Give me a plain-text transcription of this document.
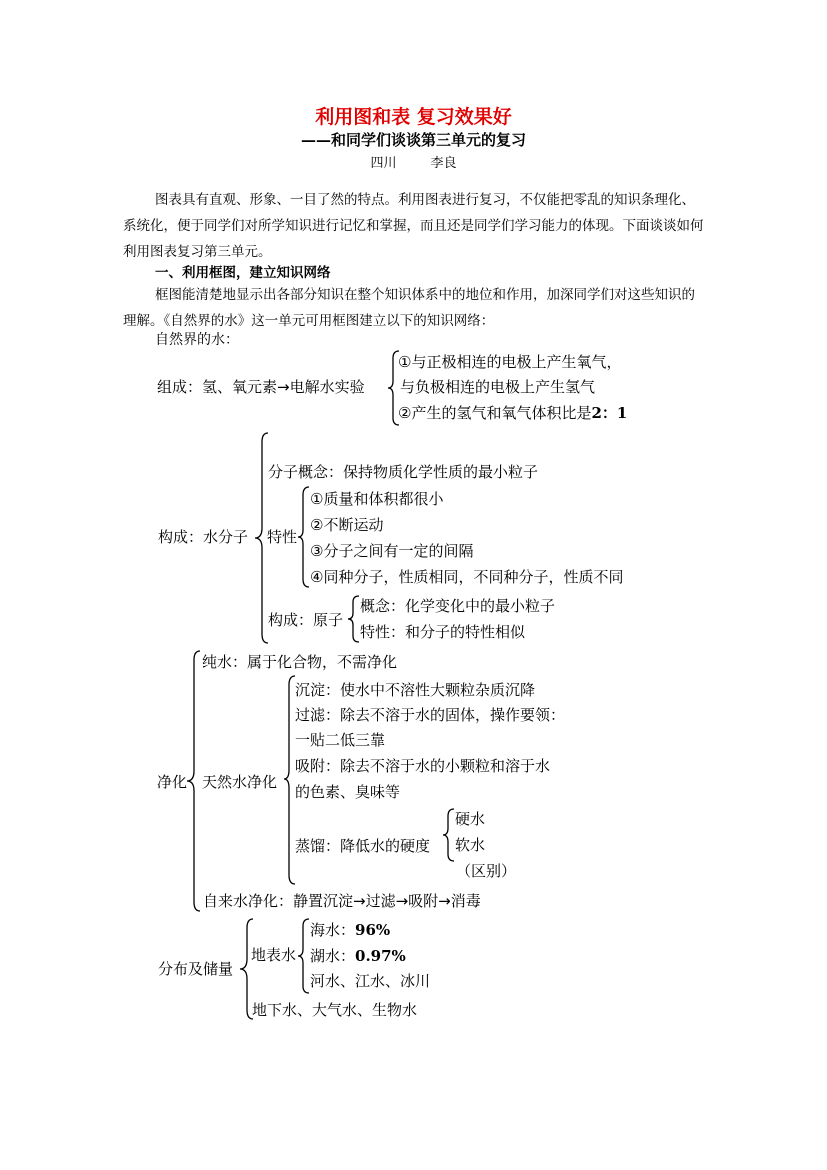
利用图和表 复习效果好
——和同学们谈谈第三单元的复习
四川	李良
图表具有直观、形象、一目了然的特点。利用图表进行复习，不仅能把零乱的知识条理化、系统化，便于同学们对所学知识进行记忆和掌握，而且还是同学们学习能力的体现。下面谈谈如何利用图表复习第三单元。
一、利用框图，建立知识网络
框图能清楚地显示出各部分知识在整个知识体系中的地位和作用，加深同学们对这些知识的理解。《自然界的水》这一单元可用框图建立以下的知识网络：
自然界的水：
组成：氢、氧元素→电解水实验
①与正极相连的电极上产生氧气，
与负极相连的电极上产生氢气
②产生的氢气和氧气体积比是2：1
构成：水分子
分子概念：保持物质化学性质的最小粒子
特性
①质量和体积都很小
②不断运动
③分子之间有一定的间隔
④同种分子，性质相同，不同种分子，性质不同
构成：原子
概念：化学变化中的最小粒子
特性：和分子的特性相似
净化
纯水：属于化合物，不需净化
天然水净化
沉淀：使水中不溶性大颗粒杂质沉降
过滤：除去不溶于水的固体，操作要领：
一贴二低三靠
吸附：除去不溶于水的小颗粒和溶于水
的色素、臭味等
蒸馏：降低水的硬度
硬水
软水
（区别）
自来水净化：静置沉淀→过滤→吸附→消毒
分布及储量
地表水
海水：96%
湖水：0.97%
河水、江水、冰川
地下水、大气水、生物水
